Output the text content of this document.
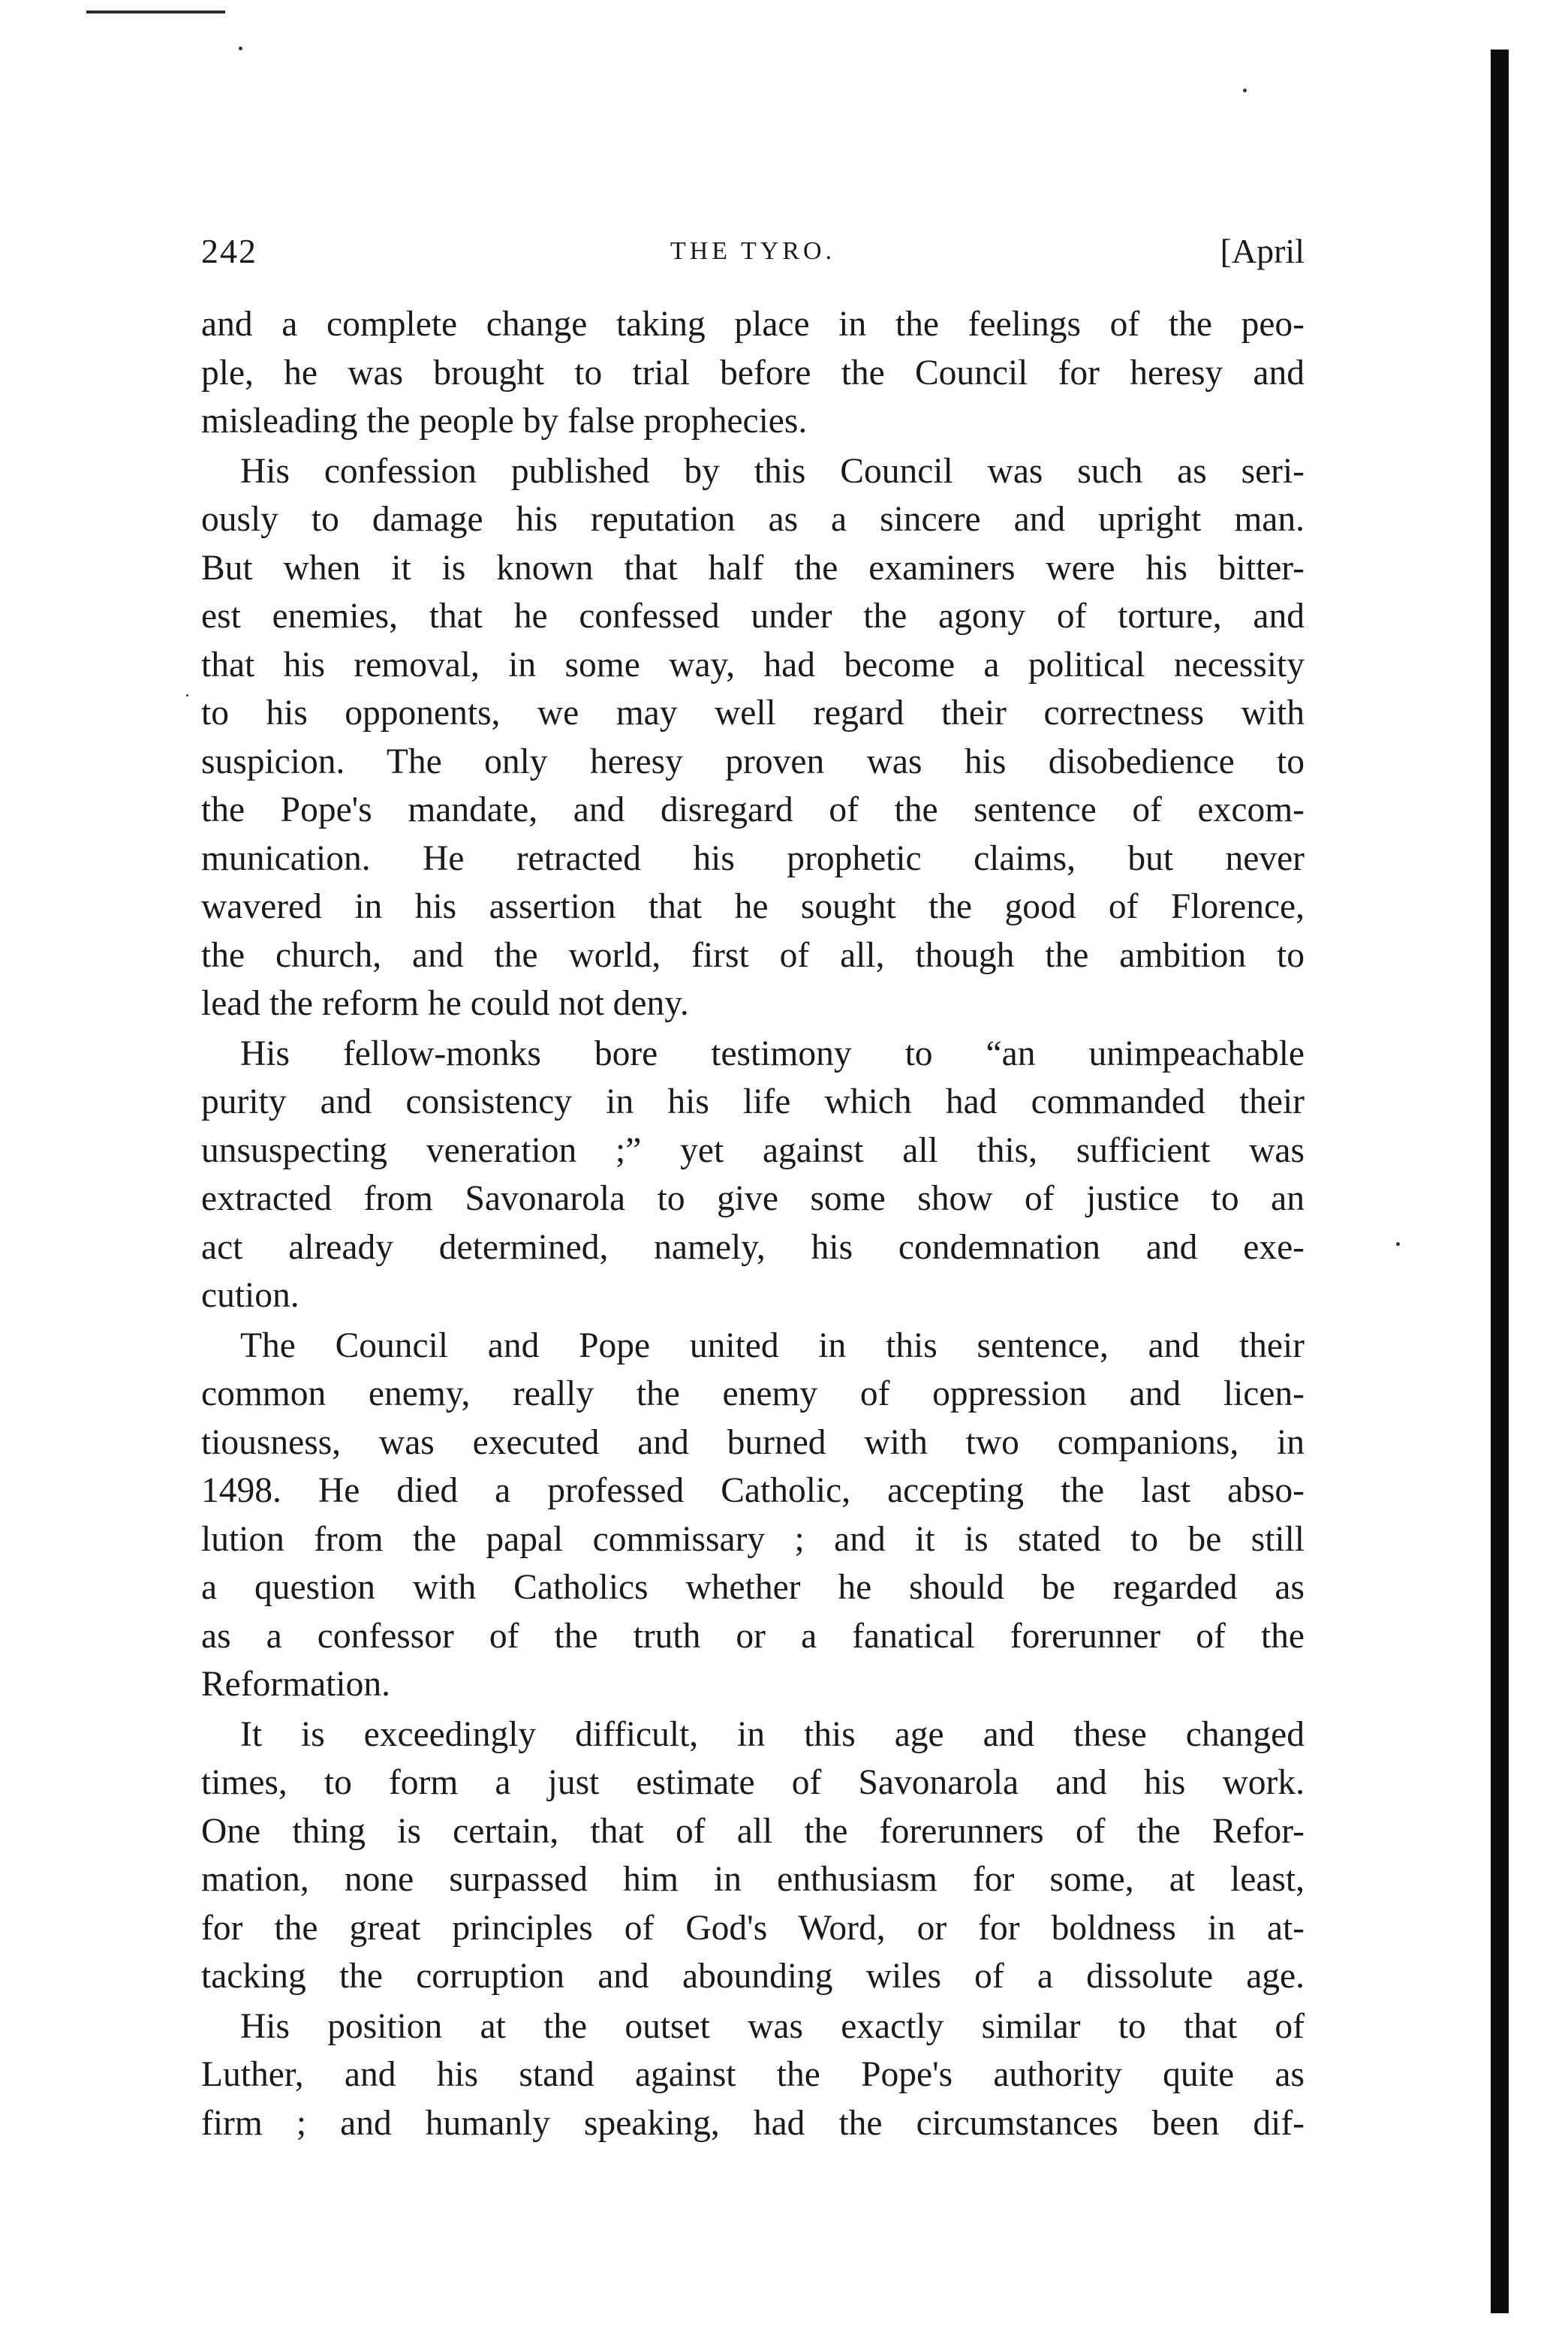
242	THE TYRO.	[April
and a complete change taking place in the feelings of the peo-
ple, he was brought to trial before the Council for heresy and
misleading the people by false prophecies.
His confession published by this Council was such as seri-
ously to damage his reputation as a sincere and upright man.
But when it is known that half the examiners were his bitter-
est enemies, that he confessed under the agony of torture, and
that his removal, in some way, had become a political necessity
to his opponents, we may well regard their correctness with
suspicion. The only heresy proven was his disobedience to
the Pope's mandate, and disregard of the sentence of excom-
munication. He retracted his prophetic claims, but never
wavered in his assertion that he sought the good of Florence,
the church, and the world, first of all, though the ambition to
lead the reform he could not deny.
His fellow-monks bore testimony to “an unimpeachable
purity and consistency in his life which had commanded their
unsuspecting veneration ;” yet against all this, sufficient was
extracted from Savonarola to give some show of justice to an
act already determined, namely, his condemnation and exe-
cution.
The Council and Pope united in this sentence, and their
common enemy, really the enemy of oppression and licen-
tiousness, was executed and burned with two companions, in
1498. He died a professed Catholic, accepting the last abso-
lution from the papal commissary ; and it is stated to be still
a question with Catholics whether he should be regarded as
as a confessor of the truth or a fanatical forerunner of the
Reformation.
It is exceedingly difficult, in this age and these changed
times, to form a just estimate of Savonarola and his work.
One thing is certain, that of all the forerunners of the Refor-
mation, none surpassed him in enthusiasm for some, at least,
for the great principles of God's Word, or for boldness in at-
tacking the corruption and abounding wiles of a dissolute age.
His position at the outset was exactly similar to that of
Luther, and his stand against the Pope's authority quite as
firm ; and humanly speaking, had the circumstances been dif-
